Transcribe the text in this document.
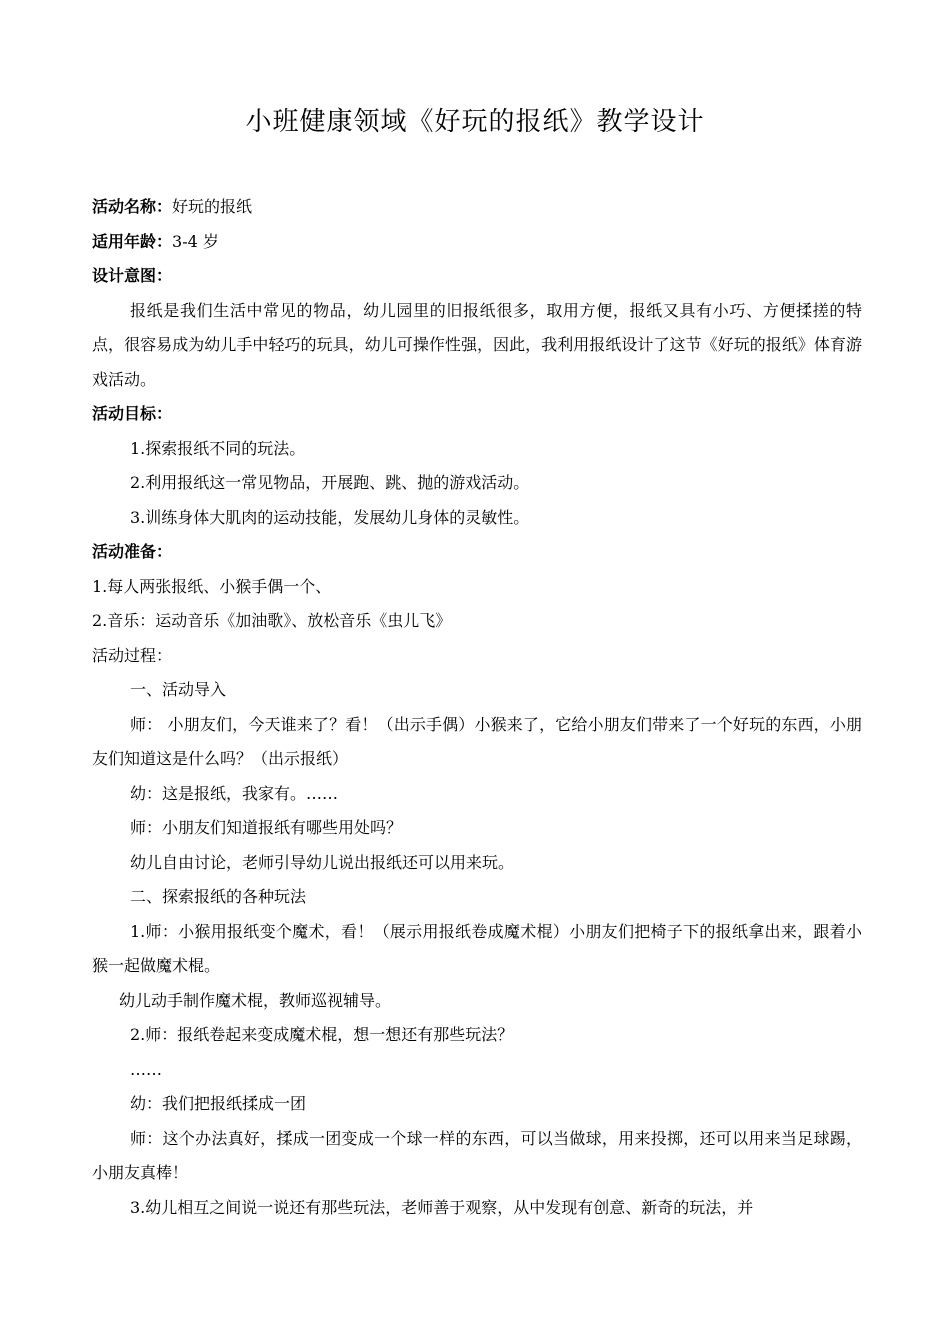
小班健康领域《好玩的报纸》教学设计

活动名称：好玩的报纸

适用年龄：3-4 岁

设计意图：

报纸是我们生活中常见的物品，幼儿园里的旧报纸很多，取用方便，报纸又具有小巧、方便揉搓的特点，很容易成为幼儿手中轻巧的玩具，幼儿可操作性强，因此，我利用报纸设计了这节《好玩的报纸》体育游戏活动。

活动目标：

1.探索报纸不同的玩法。

2.利用报纸这一常见物品，开展跑、跳、抛的游戏活动。

3.训练身体大肌肉的运动技能，发展幼儿身体的灵敏性。

活动准备：

1.每人两张报纸、小猴手偶一个、

2.音乐：运动音乐《加油歌》、放松音乐《虫儿飞》

活动过程：

一、活动导入

师： 小朋友们，今天谁来了？看！（出示手偶）小猴来了，它给小朋友们带来了一个好玩的东西，小朋友们知道这是什么吗？（出示报纸）

幼：这是报纸，我家有。……

师：小朋友们知道报纸有哪些用处吗？

幼儿自由讨论，老师引导幼儿说出报纸还可以用来玩。

二、探索报纸的各种玩法

1.师：小猴用报纸变个魔术，看！（展示用报纸卷成魔术棍）小朋友们把椅子下的报纸拿出来，跟着小猴一起做魔术棍。

幼儿动手制作魔术棍，教师巡视辅导。

2.师：报纸卷起来变成魔术棍，想一想还有那些玩法？

……

幼：我们把报纸揉成一团

师：这个办法真好，揉成一团变成一个球一样的东西，可以当做球，用来投掷，还可以用来当足球踢，小朋友真棒！

3.幼儿相互之间说一说还有那些玩法，老师善于观察，从中发现有创意、新奇的玩法，并
